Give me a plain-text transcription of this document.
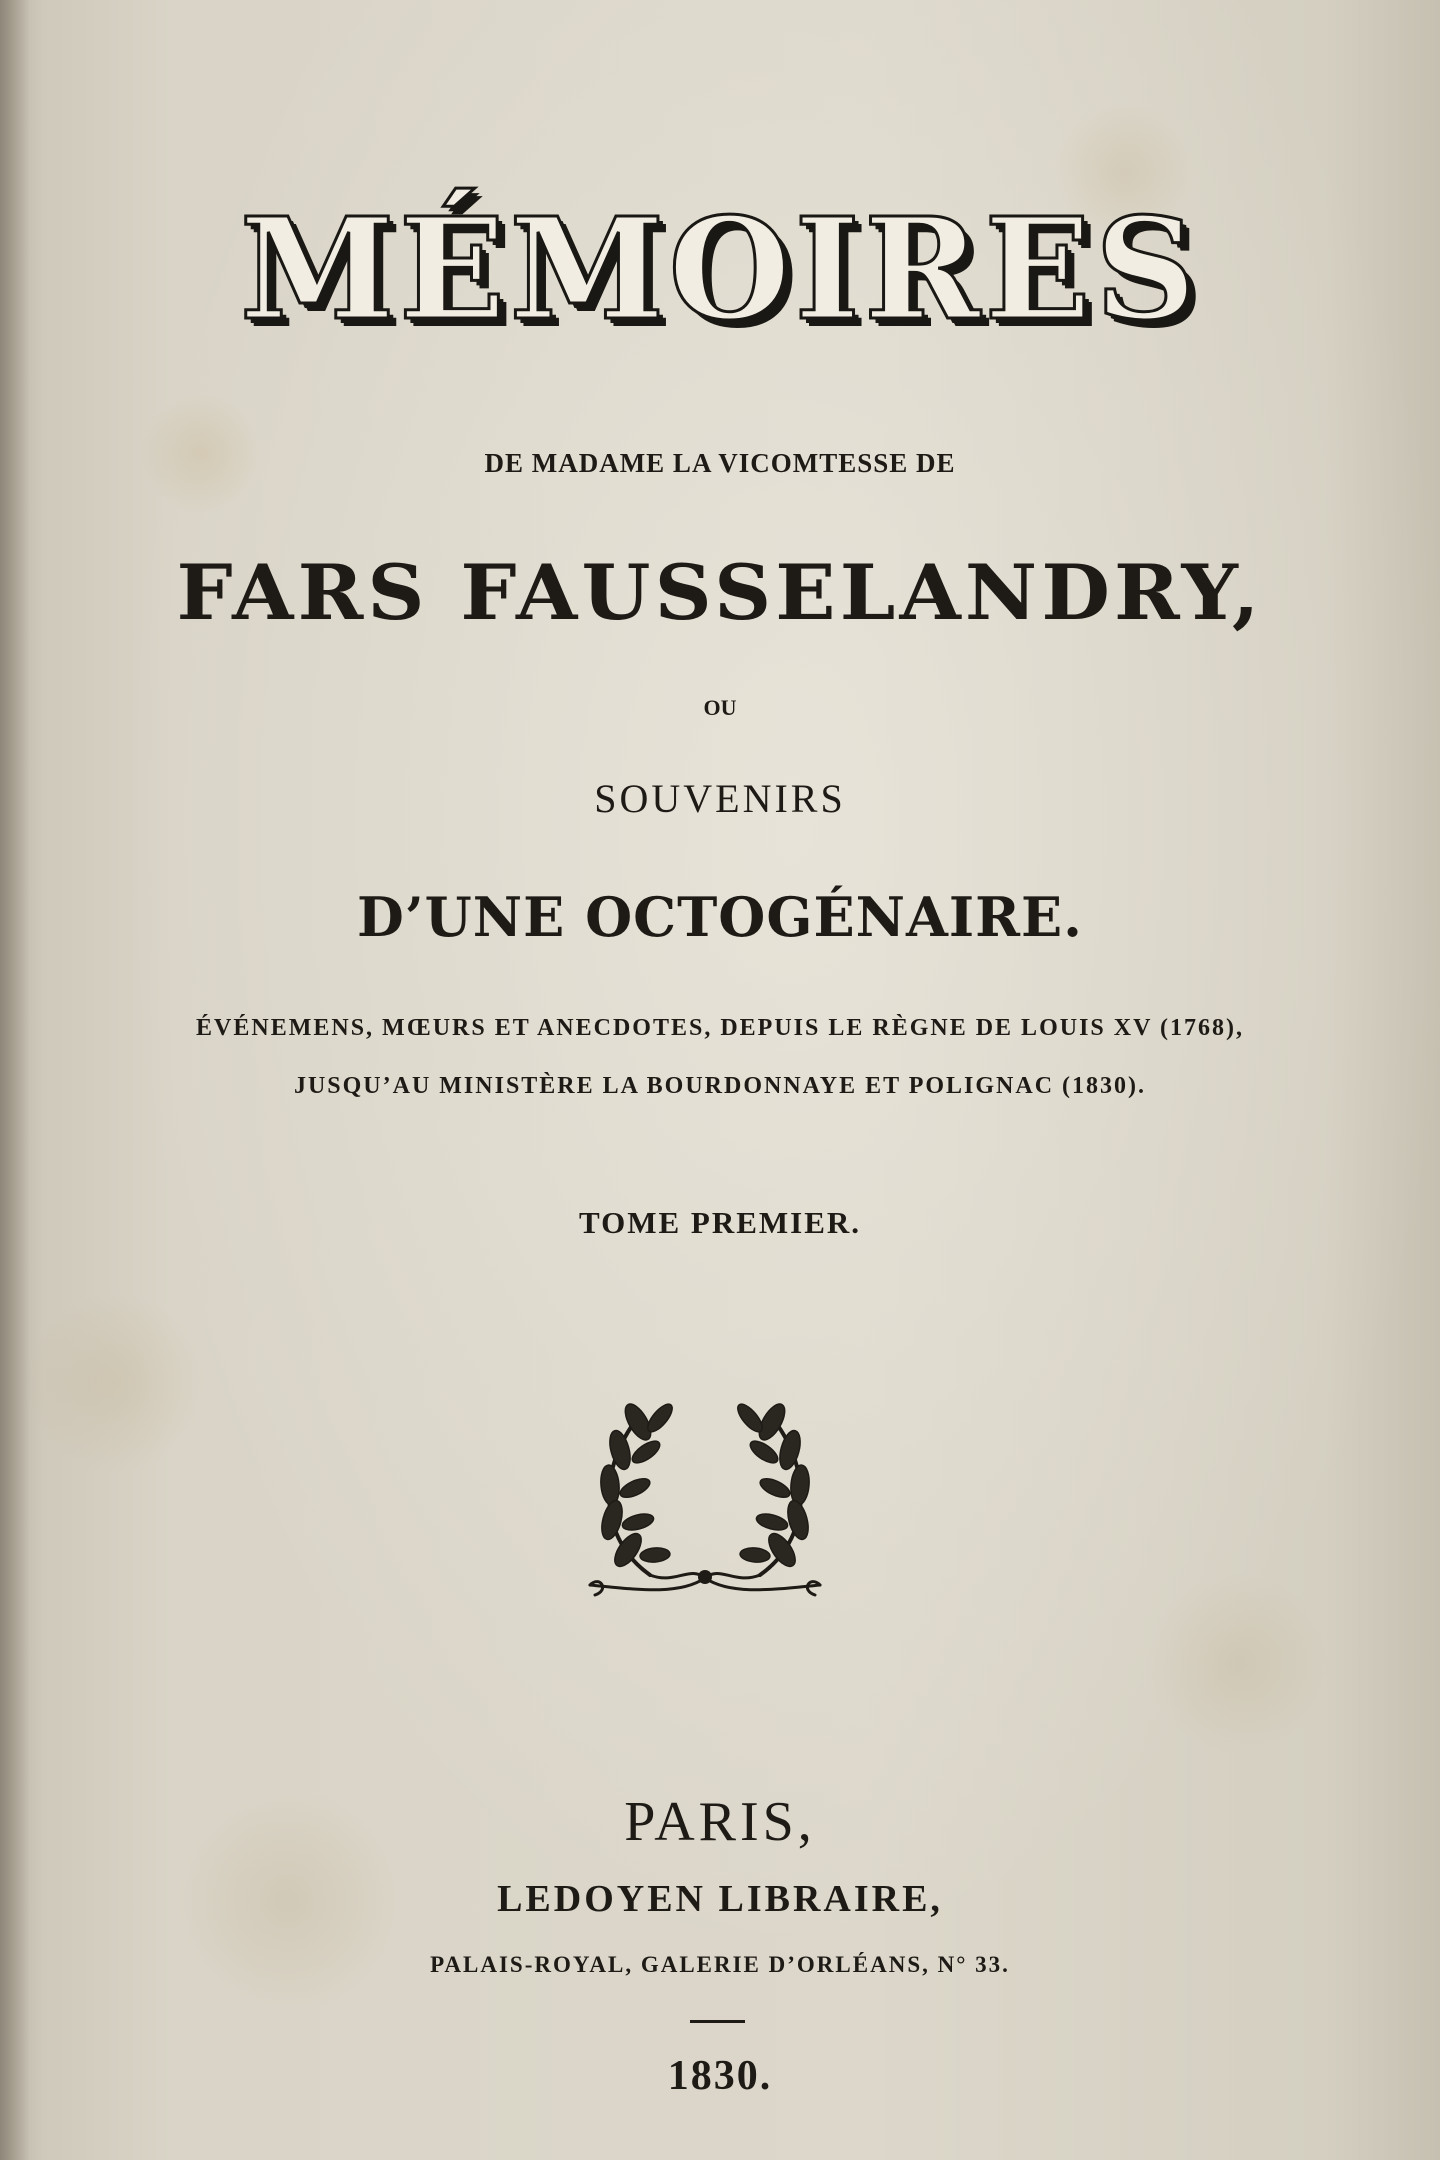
MÉMOIRES
DE MADAME LA VICOMTESSE DE
FARS FAUSSELANDRY,
OU
SOUVENIRS
D’UNE OCTOGÉNAIRE.
ÉVÉNEMENS, MŒURS ET ANECDOTES, DEPUIS LE RÈGNE DE LOUIS XV (1768),
JUSQU’AU MINISTÈRE LA BOURDONNAYE ET POLIGNAC (1830).
TOME PREMIER.
PARIS,
LEDOYEN LIBRAIRE,
PALAIS-ROYAL, GALERIE D’ORLÉANS, N° 33.
1830.
